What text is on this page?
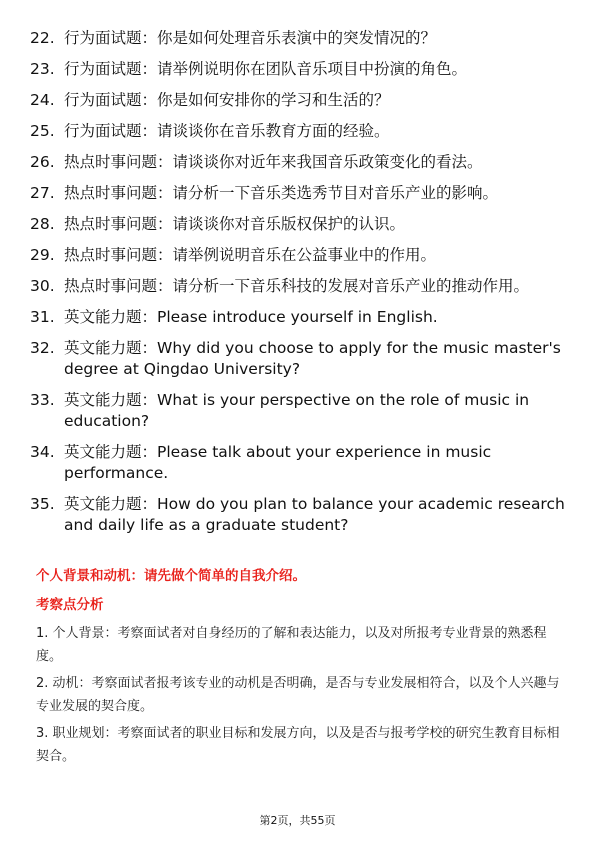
22. 行为面试题：你是如何处理音乐表演中的突发情况的？
23. 行为面试题：请举例说明你在团队音乐项目中扮演的角色。
24. 行为面试题：你是如何安排你的学习和生活的？
25. 行为面试题：请谈谈你在音乐教育方面的经验。
26. 热点时事问题：请谈谈你对近年来我国音乐政策变化的看法。
27. 热点时事问题：请分析一下音乐类选秀节目对音乐产业的影响。
28. 热点时事问题：请谈谈你对音乐版权保护的认识。
29. 热点时事问题：请举例说明音乐在公益事业中的作用。
30. 热点时事问题：请分析一下音乐科技的发展对音乐产业的推动作用。
31. 英文能力题：Please introduce yourself in English.
32. 英文能力题：Why did you choose to apply for the music master's degree at Qingdao University?
33. 英文能力题：What is your perspective on the role of music in education?
34. 英文能力题：Please talk about your experience in music performance.
35. 英文能力题：How do you plan to balance your academic research and daily life as a graduate student?
个人背景和动机：请先做个简单的自我介绍。
考察点分析
1. 个人背景：考察面试者对自身经历的了解和表达能力，以及对所报考专业背景的熟悉程度。
2. 动机：考察面试者报考该专业的动机是否明确，是否与专业发展相符合，以及个人兴趣与专业发展的契合度。
3. 职业规划：考察面试者的职业目标和发展方向，以及是否与报考学校的研究生教育目标相契合。
第2页，共55页
